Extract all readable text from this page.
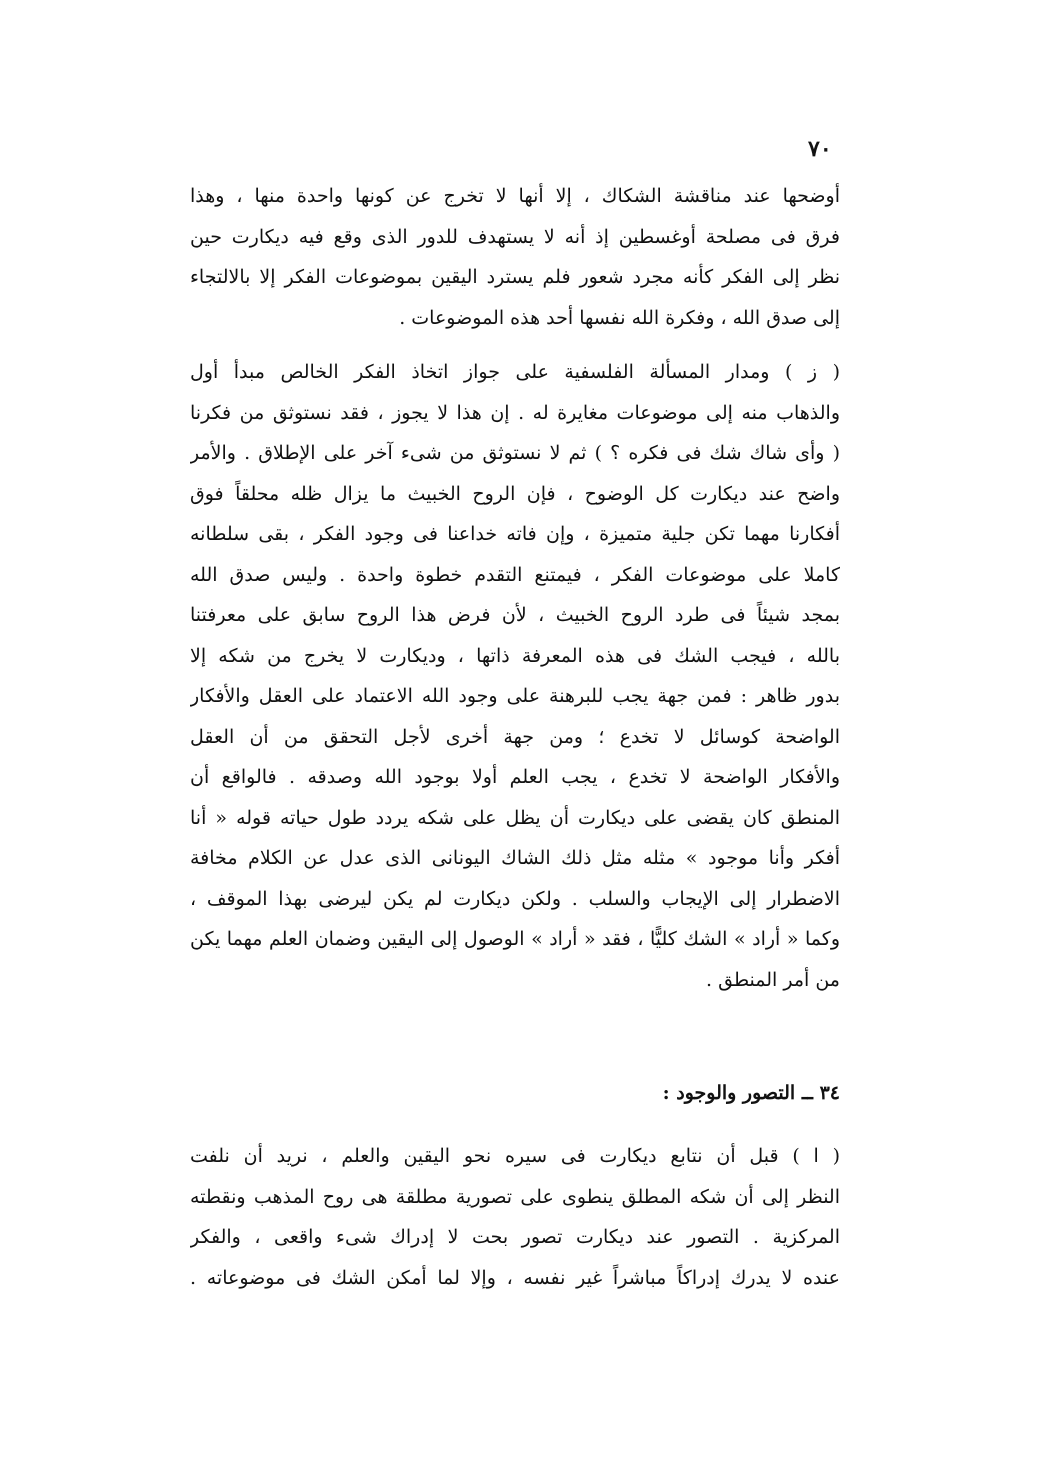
٧٠

أوضحها عند مناقشة الشكاك ، إلا أنها لا تخرج عن كونها واحدة منها ، وهذا
فرق فى مصلحة أوغسطين إذ أنه لا يستهدف للدور الذى وقع فيه ديكارت حين
نظر إلى الفكر كأنه مجرد شعور فلم يسترد اليقين بموضوعات الفكر إلا بالالتجاء
إلى صدق الله ، وفكرة الله نفسها أحد هذه الموضوعات .

( ز ) ومدار المسألة الفلسفية على جواز اتخاذ الفكر الخالص مبدأ أول
والذهاب منه إلى موضوعات مغايرة له . إن هذا لا يجوز ، فقد نستوثق من فكرنا
( وأى شاك شك فى فكره ؟ ) ثم لا نستوثق من شىء آخر على الإطلاق . والأمر
واضح عند ديكارت كل الوضوح ، فإن الروح الخبيث ما يزال ظله محلقاً فوق
أفكارنا مهما تكن جلية متميزة ، وإن فاته خداعنا فى وجود الفكر ، بقى سلطانه
كاملا على موضوعات الفكر ، فيمتنع التقدم خطوة واحدة . وليس صدق الله
بمجد شيئاً فى طرد الروح الخبيث ، لأن فرض هذا الروح سابق على معرفتنا
بالله ، فيجب الشك فى هذه المعرفة ذاتها ، وديكارت لا يخرج من شكه إلا
بدور ظاهر : فمن جهة يجب للبرهنة على وجود الله الاعتماد على العقل والأفكار
الواضحة كوسائل لا تخدع ؛ ومن جهة أخرى لأجل التحقق من أن العقل
والأفكار الواضحة لا تخدع ، يجب العلم أولا بوجود الله وصدقه . فالواقع أن
المنطق كان يقضى على ديكارت أن يظل على شكه يردد طول حياته قوله « أنا
أفكر وأنا موجود » مثله مثل ذلك الشاك اليونانى الذى عدل عن الكلام مخافة
الاضطرار إلى الإيجاب والسلب . ولكن ديكارت لم يكن ليرضى بهذا الموقف ،
وكما « أراد » الشك كليًّا ، فقد « أراد » الوصول إلى اليقين وضمان العلم مهما يكن
من أمر المنطق .

٣٤ ــ التصور والوجود :

( ا ) قبل أن نتابع ديكارت فى سيره نحو اليقين والعلم ، نريد أن نلفت
النظر إلى أن شكه المطلق ينطوى على تصورية مطلقة هى روح المذهب ونقطته
المركزية . التصور عند ديكارت تصور بحت لا إدراك شىء واقعى ، والفكر
عنده لا يدرك إدراكاً مباشراً غير نفسه ، وإلا لما أمكن الشك فى موضوعاته .
